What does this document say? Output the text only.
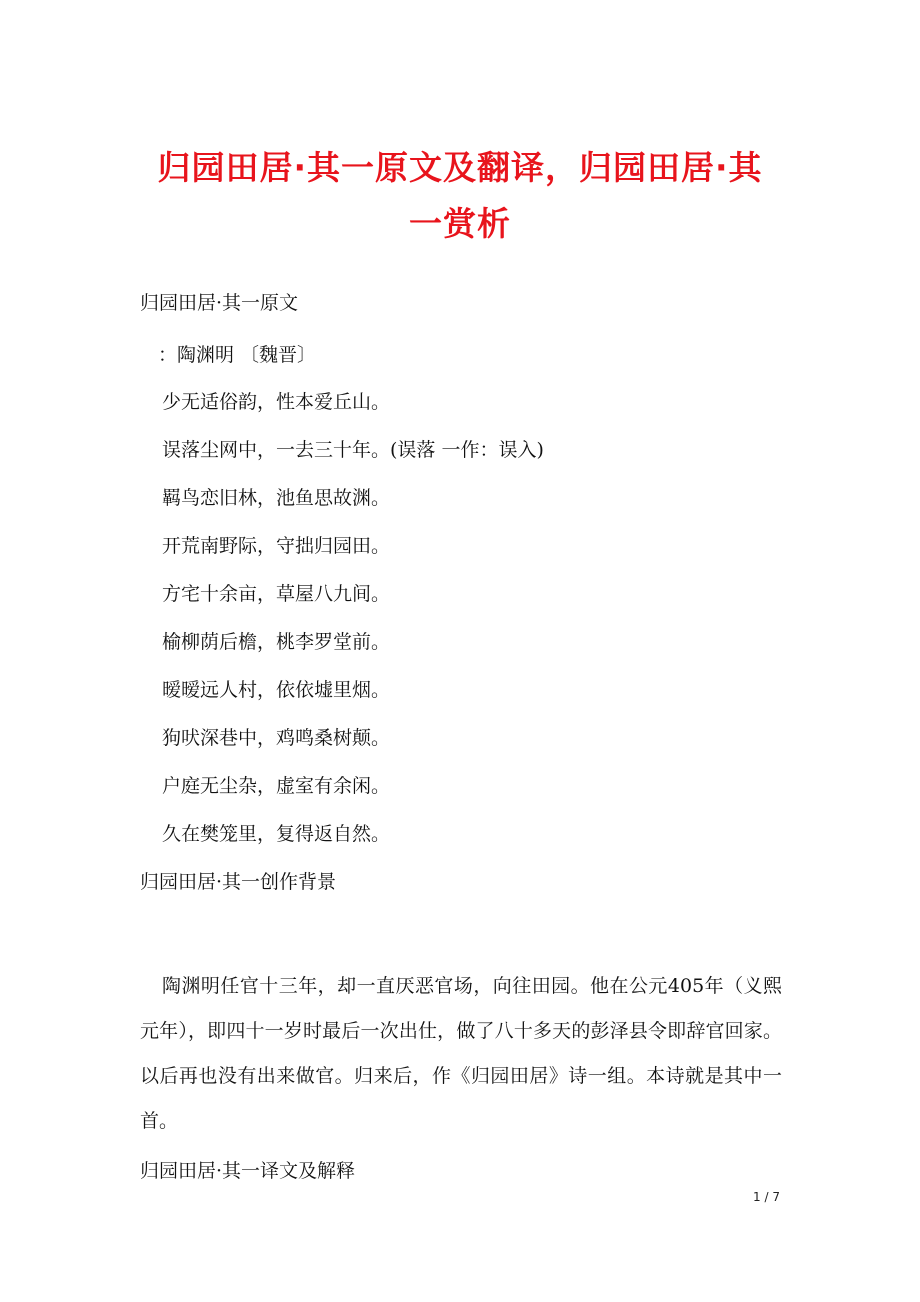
归园田居·其一原文及翻译，归园田居·其
一赏析
归园田居·其一原文
：陶渊明 〔魏晋〕
少无适俗韵，性本爱丘山。
误落尘网中，一去三十年。(误落 一作：误入)
羁鸟恋旧林，池鱼思故渊。
开荒南野际，守拙归园田。
方宅十余亩，草屋八九间。
榆柳荫后檐，桃李罗堂前。
暧暧远人村，依依墟里烟。
狗吠深巷中，鸡鸣桑树颠。
户庭无尘杂，虚室有余闲。
久在樊笼里，复得返自然。
归园田居·其一创作背景
陶渊明任官十三年，却一直厌恶官场，向往田园。他在公元405年（义熙元年），即四十一岁时最后一次出仕，做了八十多天的彭泽县令即辞官回家。以后再也没有出来做官。归来后，作《归园田居》诗一组。本诗就是其中一首。
归园田居·其一译文及解释
1 / 7
